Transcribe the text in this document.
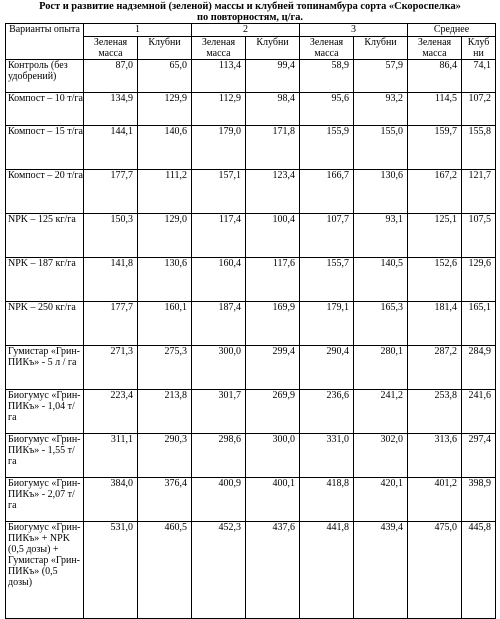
Рост и развитие надземной (зеленой) массы и клубней топинамбура сорта «Скороспелка»
по повторностям, ц/га.
Варианты опыта	1		2		3		Среднее	
	Зеленая масса	Клубни	Зеленая масса	Клубни	Зеленая масса	Клубни	Зеленая масса	Клуб ни
Контроль (без удобрений)	87,0	65,0	113,4	99,4	58,9	57,9	86,4	74,1
Компост – 10 т/га	134,9	129,9	112,9	98,4	95,6	93,2	114,5	107,2
Компост – 15 т/га	144,1	140,6	179,0	171,8	155,9	155,0	159,7	155,8
Компост – 20 т/га	177,7	111,2	157,1	123,4	166,7	130,6	167,2	121,7
NPK – 125 кг/га	150,3	129,0	117,4	100,4	107,7	93,1	125,1	107,5
NPK – 187 кг/га	141,8	130,6	160,4	117,6	155,7	140,5	152,6	129,6
NPK – 250 кг/га	177,7	160,1	187,4	169,9	179,1	165,3	181,4	165,1
Гумистар «Грин-ПИКъ» - 5 л / га	271,3	275,3	300,0	299,4	290,4	280,1	287,2	284,9
Биогумус «Грин-ПИКъ» - 1,04 т/га	223,4	213,8	301,7	269,9	236,6	241,2	253,8	241,6
Биогумус «Грин-ПИКъ» - 1,55 т/га	311,1	290,3	298,6	300,0	331,0	302,0	313,6	297,4
Биогумус «Грин-ПИКъ» - 2,07 т/га	384,0	376,4	400,9	400,1	418,8	420,1	401,2	398,9
Биогумус «Грин-ПИКъ» + NPK (0,5 дозы) + Гумистар «Грин-ПИКъ» (0,5 дозы)	531,0	460,5	452,3	437,6	441,8	439,4	475,0	445,8
